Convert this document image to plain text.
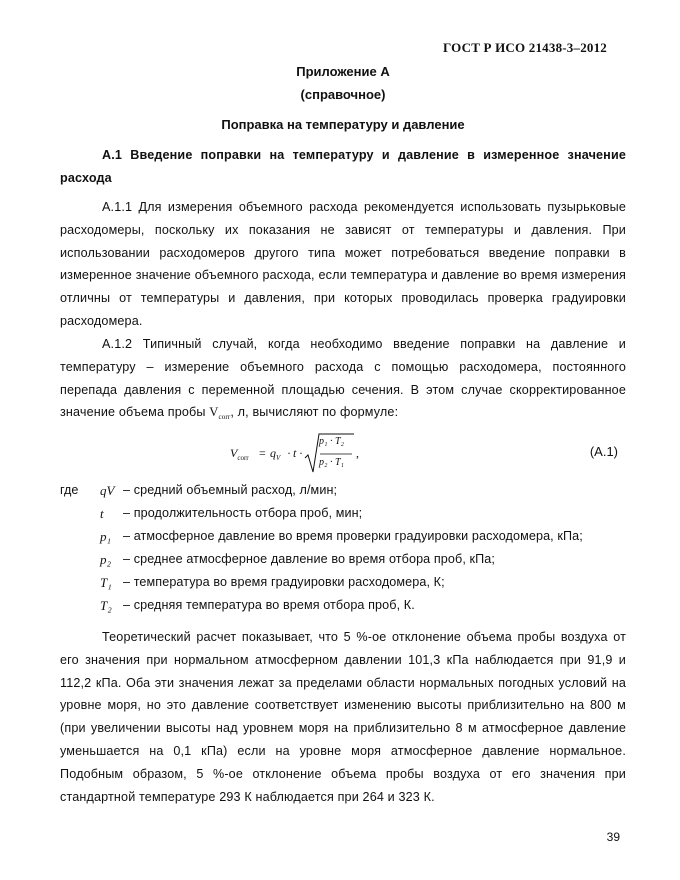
ГОСТ Р ИСО 21438-3–2012
Приложение А
(справочное)
Поправка на температуру и давление
А.1 Введение поправки на температуру и давление в измеренное значение расхода
А.1.1 Для измерения объемного расхода рекомендуется использовать пузырьковые расходомеры, поскольку их показания не зависят от температуры и давления. При использовании расходомеров другого типа может потребоваться введение поправки в измеренное значение объемного расхода, если температура и давление во время измерения отличны от температуры и давления, при которых проводилась проверка градуировки расходомера.
А.1.2 Типичный случай, когда необходимо введение поправки на давление и температуру – измерение объемного расхода с помощью расходомера, постоянного перепада давления с переменной площадью сечения. В этом случае скорректированное значение объема пробы $V_{corr}$, л, вычисляют по формуле:
$V_{corr} = q_V \cdot t$ ·
p₁ · T₂
p₂ · T₁
,	(А.1)
где qV – средний объемный расход, л/мин;
t – продолжительность отбора проб, мин;
p₁ – атмосферное давление во время проверки градуировки расходомера, кПа;
p₂ – среднее атмосферное давление во время отбора проб, кПа;
T₁ – температура во время градуировки расходомера, К;
T₂ – средняя температура во время отбора проб, К.
Теоретический расчет показывает, что 5 %-ое отклонение объема пробы воздуха от его значения при нормальном атмосферном давлении 101,3 кПа наблюдается при 91,9 и 112,2 кПа. Оба эти значения лежат за пределами области нормальных погодных условий на уровне моря, но это давление соответствует изменению высоты приблизительно на 800 м (при увеличении высоты над уровнем моря на приблизительно 8 м атмосферное давление уменьшается на 0,1 кПа) если на уровне моря атмосферное давление нормальное. Подобным образом, 5 %-ое отклонение объема пробы воздуха от его значения при стандартной температуре 293 К наблюдается при 264 и 323 К.
39
